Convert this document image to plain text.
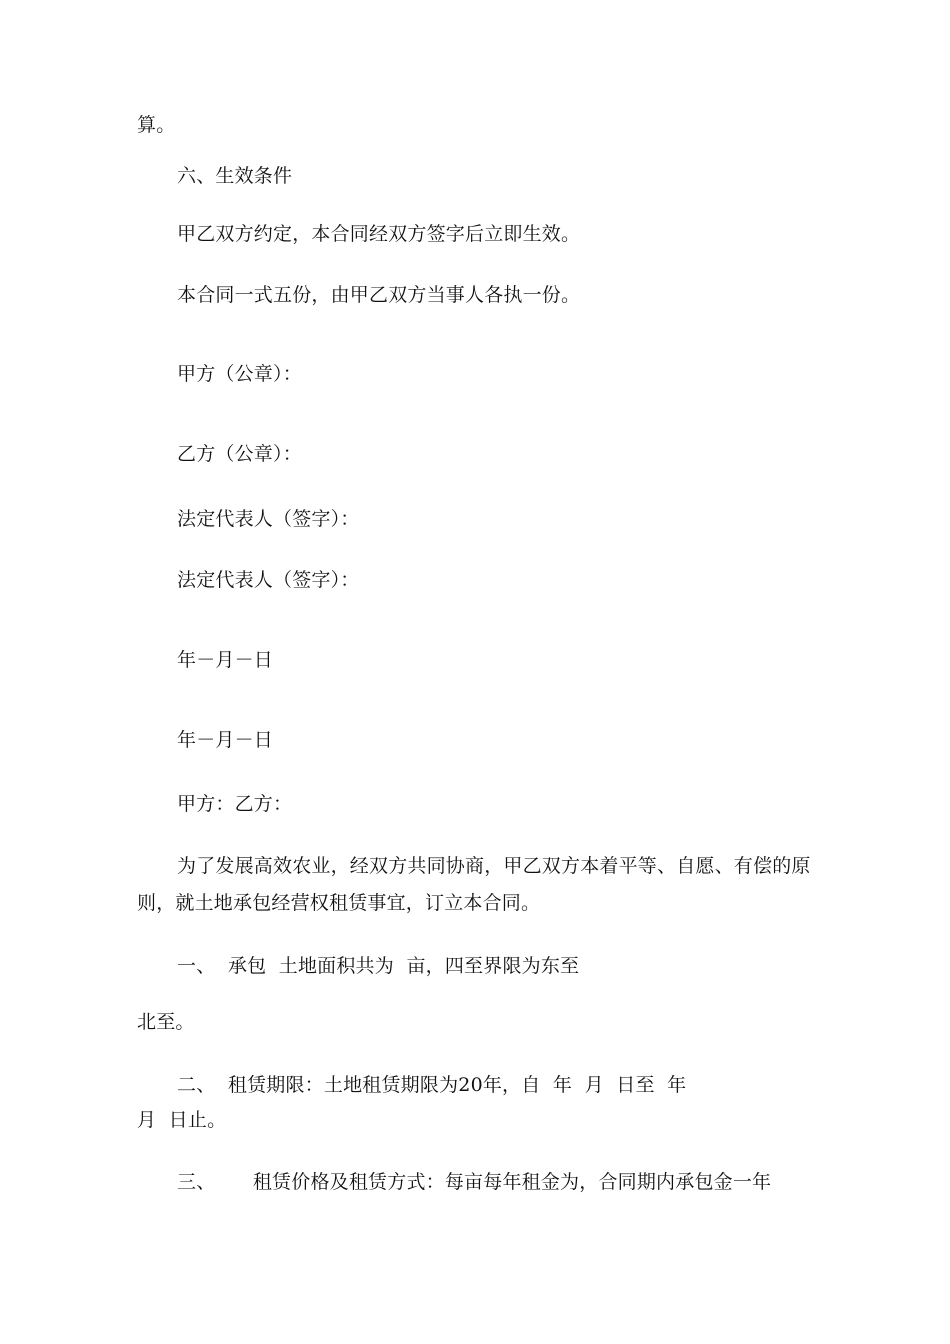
算。
六、生效条件
甲乙双方约定，本合同经双方签字后立即生效。
本合同一式五份，由甲乙双方当事人各执一份。
甲方（公章）：
乙方（公章）：
法定代表人（签字）：
法定代表人（签字）：
年－月－日
年－月－日
甲方：乙方：
为了发展高效农业，经双方共同协商，甲乙双方本着平等、自愿、有偿的原
则，就土地承包经营权租赁事宜，订立本合同。
一、  承包  土地面积共为  亩，四至界限为东至
北至。
二、  租赁期限：土地租赁期限为20年，自  年  月  日至  年
月  日止。
三、      租赁价格及租赁方式：每亩每年租金为，合同期内承包金一年
